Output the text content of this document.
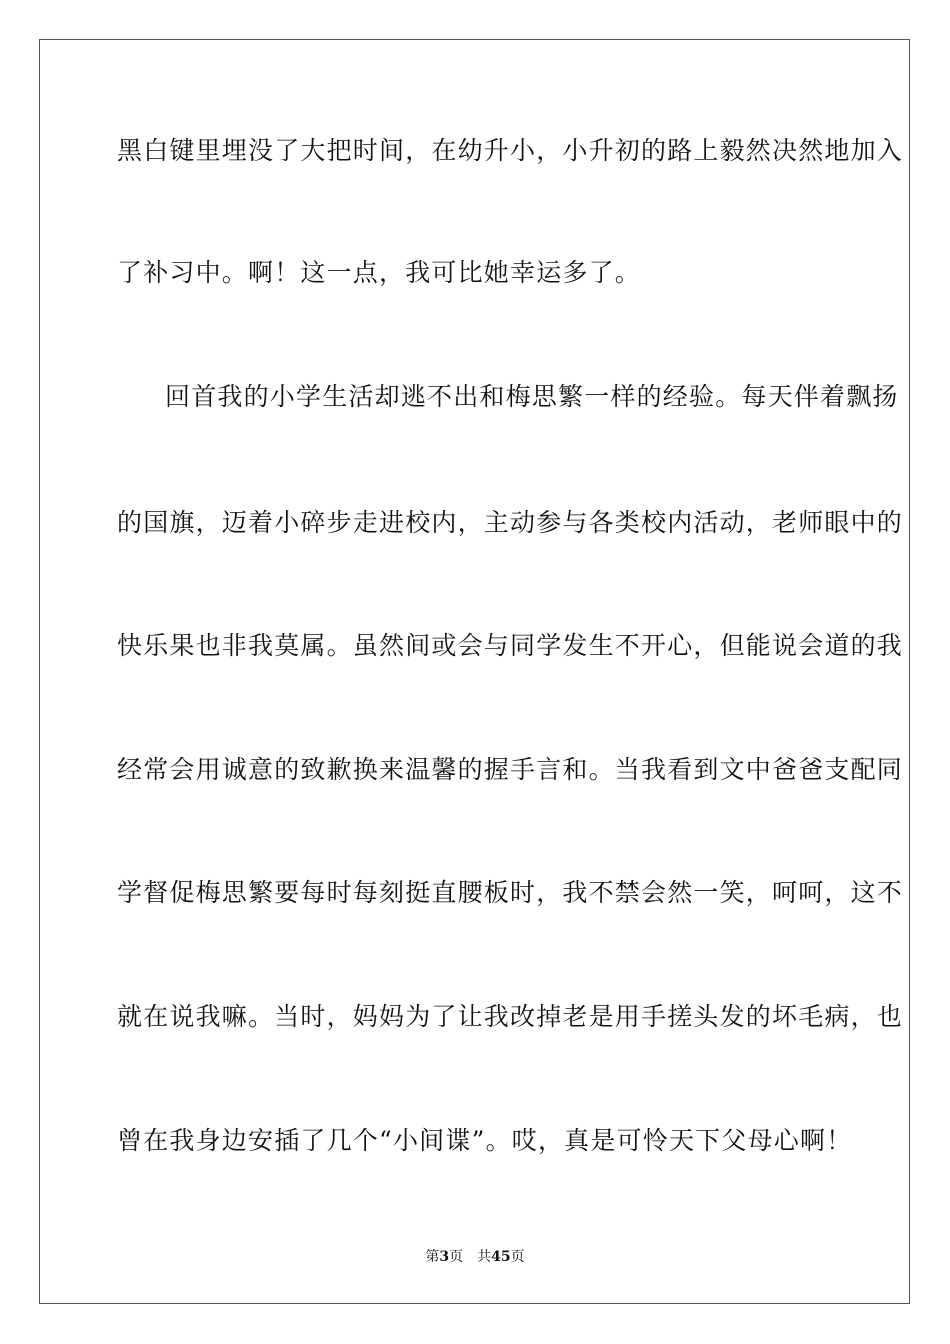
黑白键里埋没了大把时间，在幼升小，小升初的路上毅然决然地加入
了补习中。啊！这一点，我可比她幸运多了。
回首我的小学生活却逃不出和梅思繁一样的经验。每天伴着飘扬
的国旗，迈着小碎步走进校内，主动参与各类校内活动，老师眼中的
快乐果也非我莫属。虽然间或会与同学发生不开心，但能说会道的我
经常会用诚意的致歉换来温馨的握手言和。当我看到文中爸爸支配同
学督促梅思繁要每时每刻挺直腰板时，我不禁会然一笑，呵呵，这不
就在说我嘛。当时，妈妈为了让我改掉老是用手搓头发的坏毛病，也
曾在我身边安插了几个“小间谍”。哎，真是可怜天下父母心啊！
第3页 共45页
